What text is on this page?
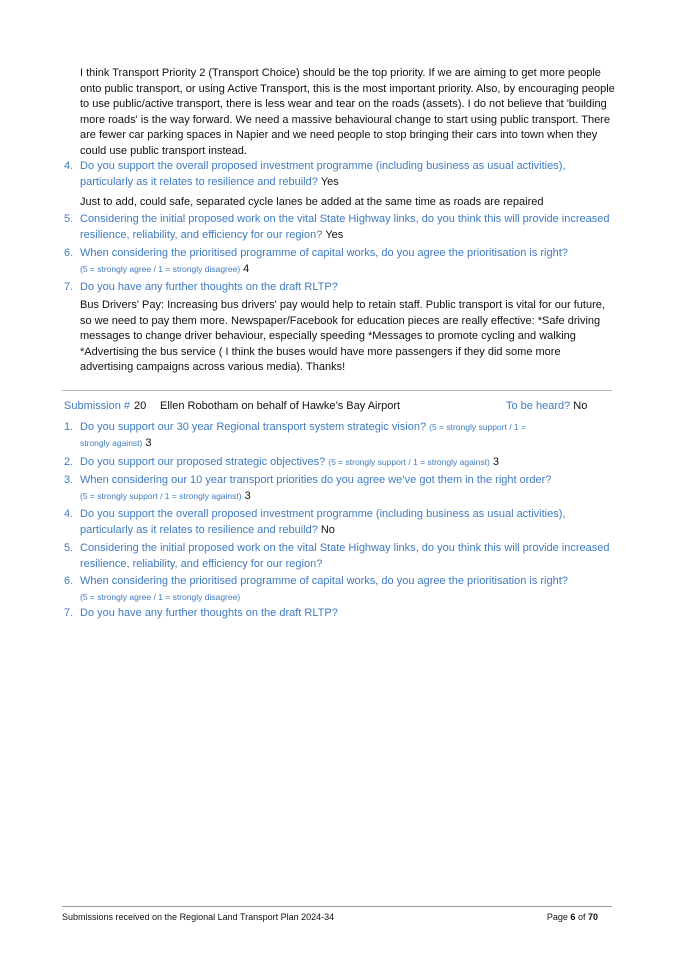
I think Transport Priority 2 (Transport Choice) should be the top priority. If we are aiming to get more people onto public transport, or using Active Transport, this is the most important priority. Also, by encouraging people to use public/active transport, there is less wear and tear on the roads (assets). I do not believe that 'building more roads' is the way forward. We need a massive behavioural change to start using public transport. There are fewer car parking spaces in Napier and we need people to stop bringing their cars into town when they could use public transport instead.

4. Do you support the overall proposed investment programme (including business as usual activities), particularly as it relates to resilience and rebuild? Yes

Just to add, could safe, separated cycle lanes be added at the same time as roads are repaired

5. Considering the initial proposed work on the vital State Highway links, do you think this will provide increased resilience, reliability, and efficiency for our region? Yes
6. When considering the prioritised programme of capital works, do you agree the prioritisation is right?
(5 = strongly agree / 1 = strongly disagree) 4
7. Do you have any further thoughts on the draft RLTP?

Bus Drivers' Pay: Increasing bus drivers' pay would help to retain staff. Public transport is vital for our future, so we need to pay them more. Newspaper/Facebook for education pieces are really effective: *Safe driving messages to change driver behaviour, especially speeding *Messages to promote cycling and walking *Advertising the bus service ( I think the buses would have more passengers if they did some more advertising campaigns across various media). Thanks!

Submission # 20 Ellen Robotham on behalf of Hawke’s Bay Airport	To be heard? No
1. Do you support our 30 year Regional transport system strategic vision? (5 = strongly support / 1 = strongly against) 3
2. Do you support our proposed strategic objectives? (5 = strongly support / 1 = strongly against) 3
3. When considering our 10 year transport priorities do you agree we’ve got them in the right order?
(5 = strongly support / 1 = strongly against) 3
4. Do you support the overall proposed investment programme (including business as usual activities), particularly as it relates to resilience and rebuild? No
5. Considering the initial proposed work on the vital State Highway links, do you think this will provide increased resilience, reliability, and efficiency for our region?
6. When considering the prioritised programme of capital works, do you agree the prioritisation is right?
(5 = strongly agree / 1 = strongly disagree)
7. Do you have any further thoughts on the draft RLTP?
Submissions received on the Regional Land Transport Plan 2024-34	Page 6 of 70
